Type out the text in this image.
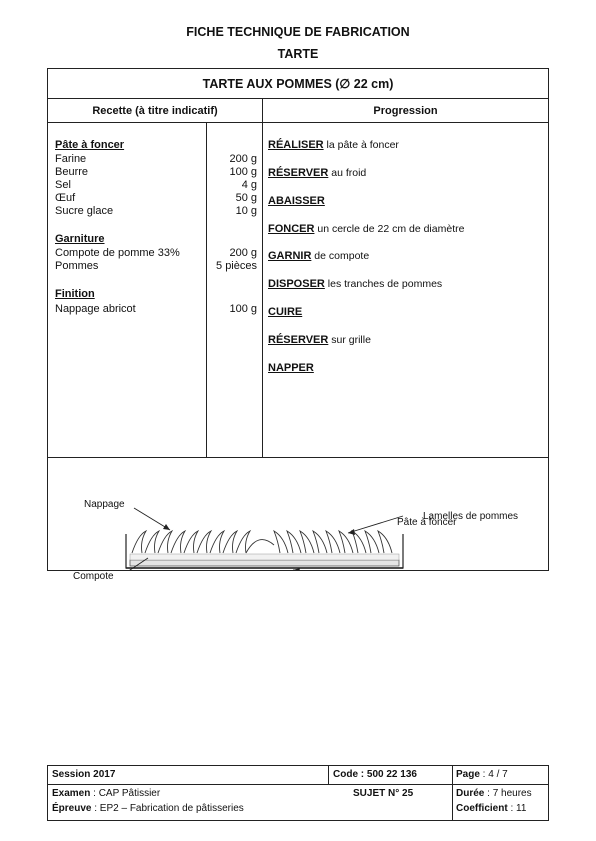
FICHE TECHNIQUE DE FABRICATION
TARTE
TARTE AUX POMMES (∅ 22 cm)
Recette (à titre indicatif)	Progression
Pâte à foncer
Farine	200 g
Beurre	100 g
Sel	4 g
Œuf	50 g
Sucre glace	10 g
Garniture
Compote de pomme 33%	200 g
Pommes	5 pièces
Finition
Nappage abricot	100 g
RÉALISER la pâte à foncer
RÉSERVER au froid
ABAISSER
FONCER un cercle de 22 cm de diamètre
GARNIR de compote
DISPOSER les tranches de pommes
CUIRE
RÉSERVER sur grille
NAPPER
Nappage
Lamelles de pommes
Compote
Pâte à foncer
Session 2017	Code : 500 22 136	Page : 4 / 7
Examen : CAP Pâtissier	SUJET N° 25	Durée : 7 heures
Épreuve : EP2 – Fabrication de pâtisseries	Coefficient : 11
